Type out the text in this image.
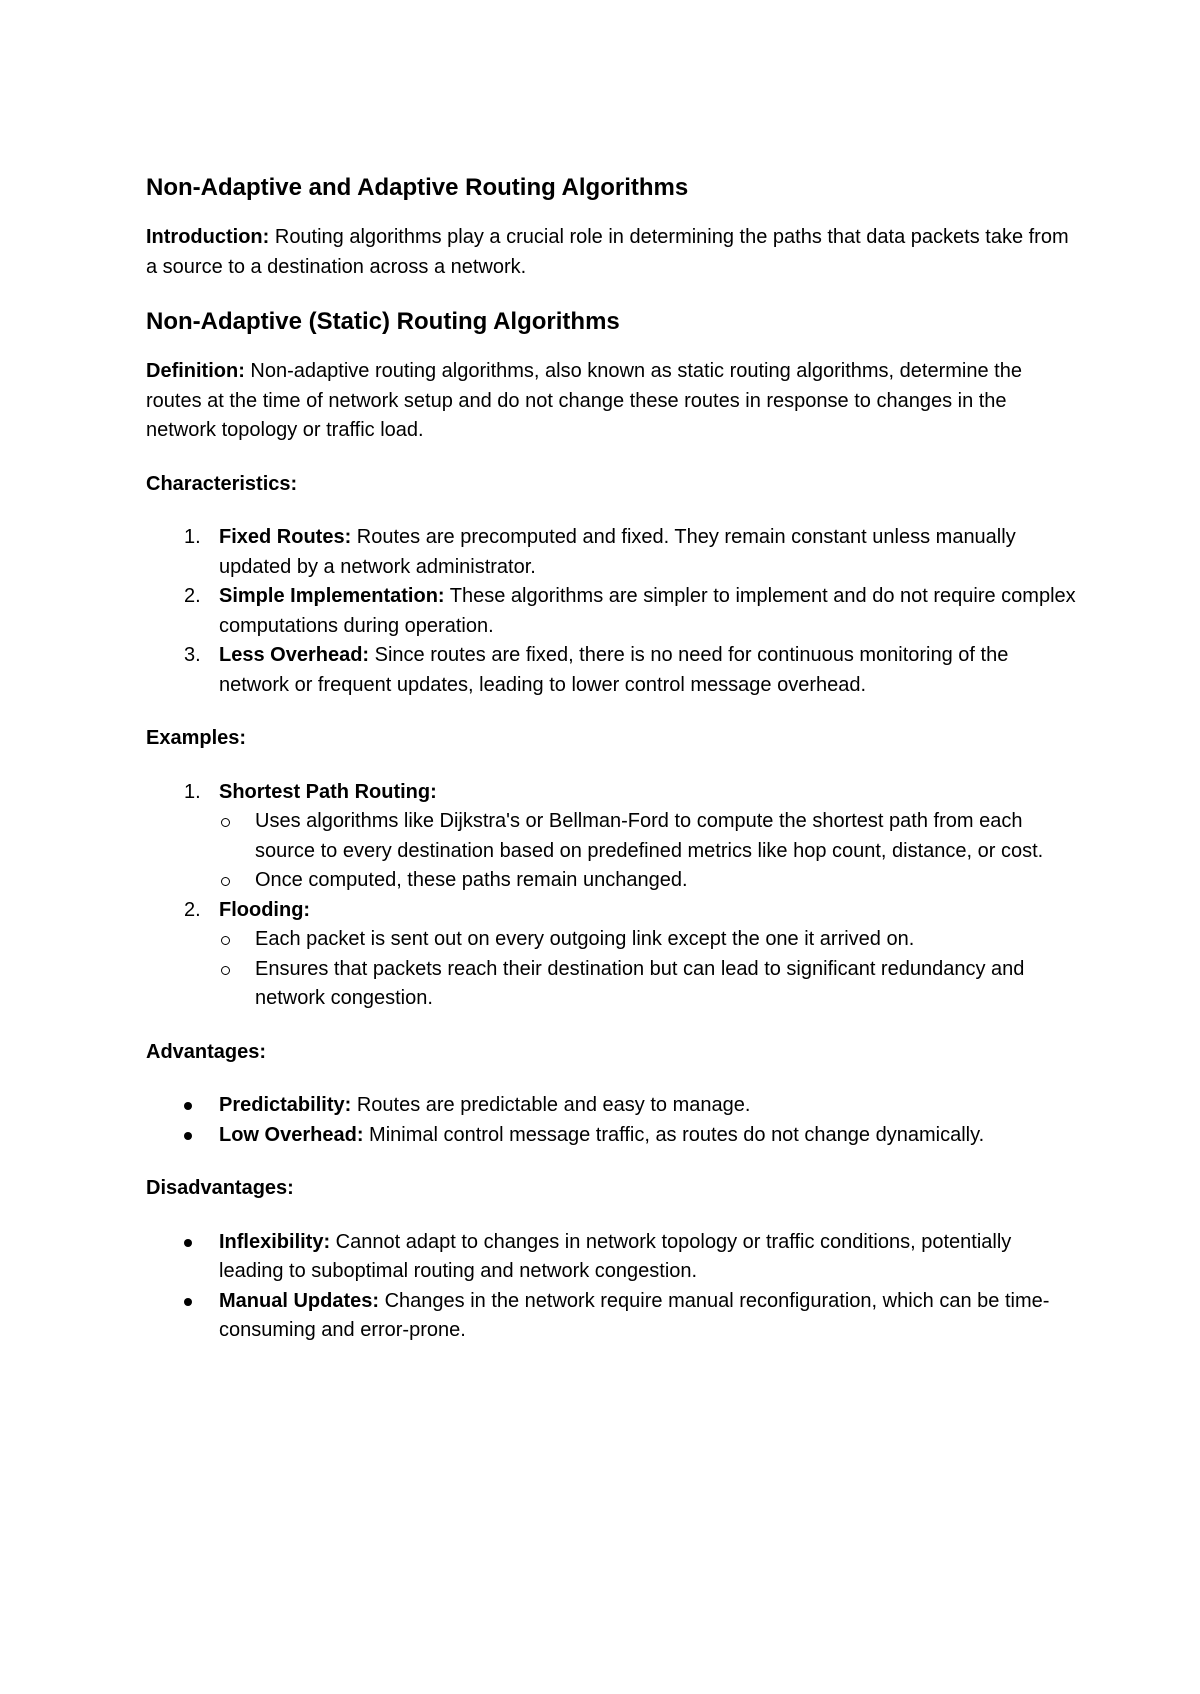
Non-Adaptive and Adaptive Routing Algorithms

Introduction: Routing algorithms play a crucial role in determining the paths that data packets take from a source to a destination across a network.

Non-Adaptive (Static) Routing Algorithms

Definition: Non-adaptive routing algorithms, also known as static routing algorithms, determine the routes at the time of network setup and do not change these routes in response to changes in the network topology or traffic load.

Characteristics:
1. Fixed Routes: Routes are precomputed and fixed. They remain constant unless manually updated by a network administrator.
2. Simple Implementation: These algorithms are simpler to implement and do not require complex computations during operation.
3. Less Overhead: Since routes are fixed, there is no need for continuous monitoring of the network or frequent updates, leading to lower control message overhead.
Examples:
1. Shortest Path Routing:
Uses algorithms like Dijkstra's or Bellman-Ford to compute the shortest path from each source to every destination based on predefined metrics like hop count, distance, or cost.
Once computed, these paths remain unchanged.
2. Flooding:
Each packet is sent out on every outgoing link except the one it arrived on.
Ensures that packets reach their destination but can lead to significant redundancy and network congestion.
Advantages:
Predictability: Routes are predictable and easy to manage.
Low Overhead: Minimal control message traffic, as routes do not change dynamically.
Disadvantages:
Inflexibility: Cannot adapt to changes in network topology or traffic conditions, potentially leading to suboptimal routing and network congestion.
Manual Updates: Changes in the network require manual reconfiguration, which can be time-consuming and error-prone.
